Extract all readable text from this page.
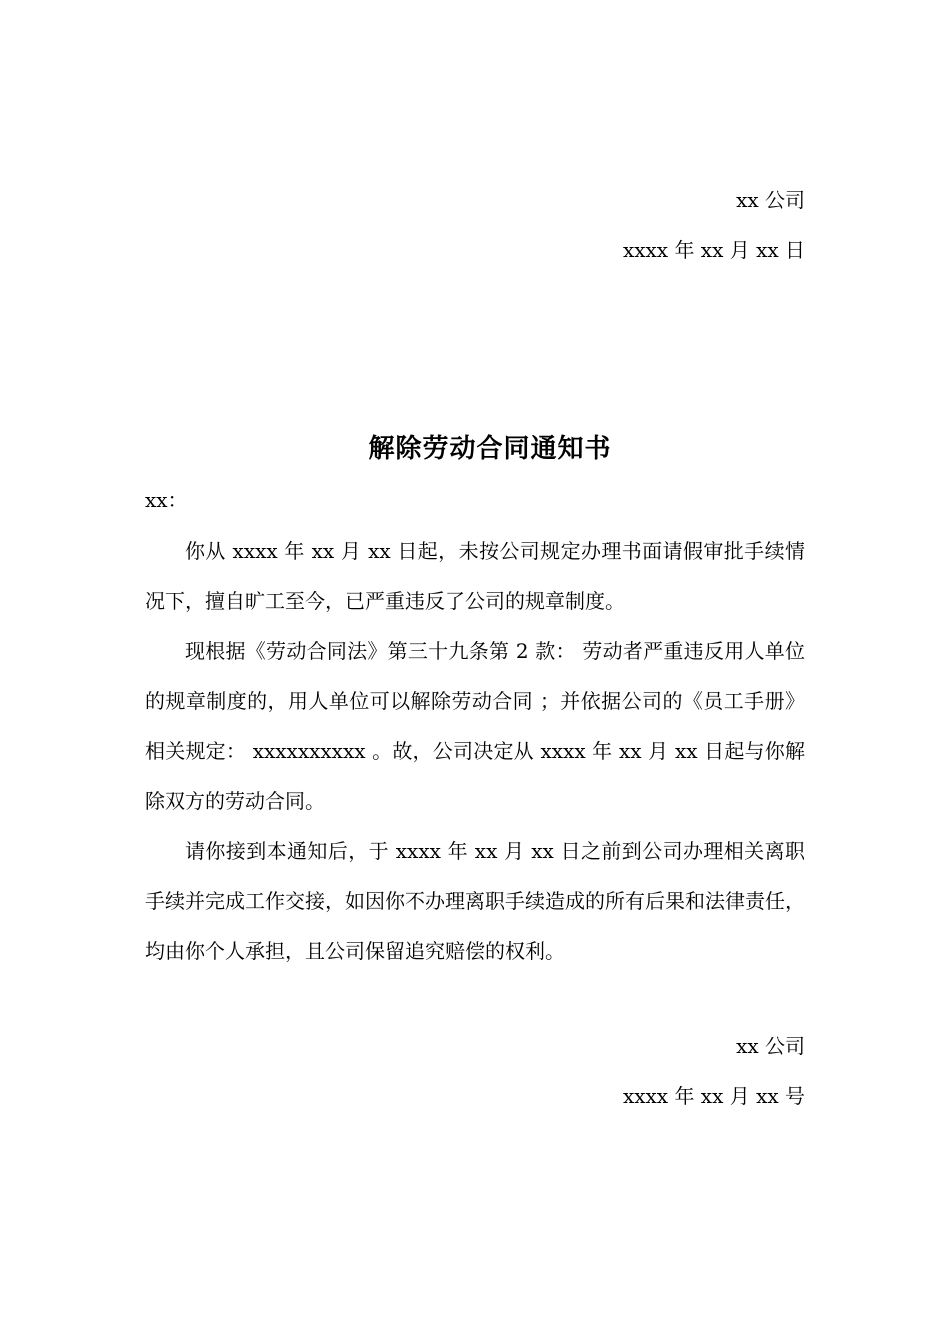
xx 公司
xxxx 年 xx 月 xx 日
解除劳动合同通知书
xx：

你从 xxxx 年 xx 月 xx 日起，未按公司规定办理书面请假审批手续情况下，擅自旷工至今，已严重违反了公司的规章制度。

现根据《劳动合同法》第三十九条第 2 款： 劳动者严重违反用人单位的规章制度的，用人单位可以解除劳动合同 ；并依据公司的《员工手册》相关规定： xxxxxxxxxx 。故，公司决定从 xxxx 年 xx 月 xx 日起与你解除双方的劳动合同。

请你接到本通知后，于 xxxx 年 xx 月 xx 日之前到公司办理相关离职手续并完成工作交接，如因你不办理离职手续造成的所有后果和法律责任，均由你个人承担，且公司保留追究赔偿的权利。

xx 公司
xxxx 年 xx 月 xx 号
